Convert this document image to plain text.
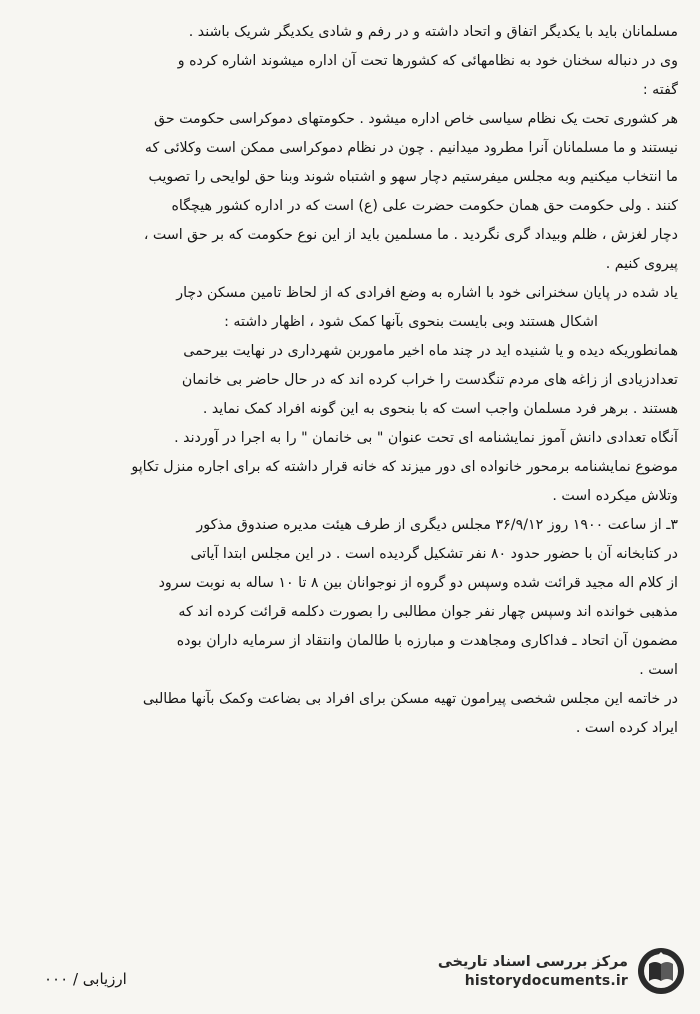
مسلمانان باید با یکدیگر اتفاق و اتحاد داشته و در رفم و شادی یکدیگر شریک باشند .
وی در دنباله سخنان خود به نظامهائی که کشورها تحت آن اداره میشوند اشاره کرده و
گفته :
هر کشوری تحت یک نظام سیاسی خاص اداره میشود . حکومتهای دموکراسی حکومت حق
نیستند و ما مسلمانان آنرا مطرود میدانیم . چون در نظام دموکراسی ممکن است وکلائی که
ما انتخاب میکنیم وبه مجلس میفرستیم دچار سهو و اشتباه شوند وبنا حق لوایحی را تصویب
کنند . ولی حکومت حق همان حکومت حضرت علی (ع) است که در اداره کشور هیچگاه
دچار لغزش ، ظلم وبیداد گری نگردید . ما مسلمین باید از این نوع حکومت که بر حق است ،
پیروی کنیم .
یاد شده در پایان سخنرانی خود با اشاره به وضع افرادی که از لحاظ تامین مسکن دچار
اشکال هستند وبی بایست بنحوی بآنها کمک شود ، اظهار داشته :
همانطوریکه دیده و یا شنیده اید در چند ماه اخیر ماموربن شهرداری در نهایت بیرحمی
تعدادزیادی از زاغه های مردم تنگدست را خراب کرده اند که در حال حاضر بی خانمان
هستند . برهر فرد مسلمان واجب است که با بنحوی به این گونه افراد کمک نماید .
آنگاه تعدادی دانش آموز نمایشنامه ای تحت عنوان " بی خانمان " را به اجرا در آوردند .
موضوع نمایشنامه برمحور خانواده ای دور میزند که خانه قرار داشته که برای اجاره منزل تکاپو
وتلاش میکرده است .
۳ـ از ساعت ۱۹۰۰ روز ۳۶/۹/۱۲ مجلس دیگری از طرف هیئت مدیره صندوق مذکور
در کتابخانه آن با حضور حدود ۸۰ نفر تشکیل گردیده است . در این مجلس ابتدا آیاتی
از کلام اله مجید قرائت شده وسپس دو گروه از نوجوانان بین ۸ تا ۱۰ ساله به نوبت سرود
مذهبی خوانده اند وسپس چهار نفر جوان مطالبی را بصورت دکلمه قرائت کرده اند که
مضمون آن اتحاد ـ فداکاری ومجاهدت و مبارزه با طالمان وانتقاد از سرمایه داران بوده
است .
در خاتمه این مجلس شخصی پیرامون تهیه مسکن برای افراد بی بضاعت وکمک بآنها مطالبی
ایراد کرده است .
ارزیابی / ۰۰۰
مرکز بررسی اسناد تاریخی
historydocuments.ir
